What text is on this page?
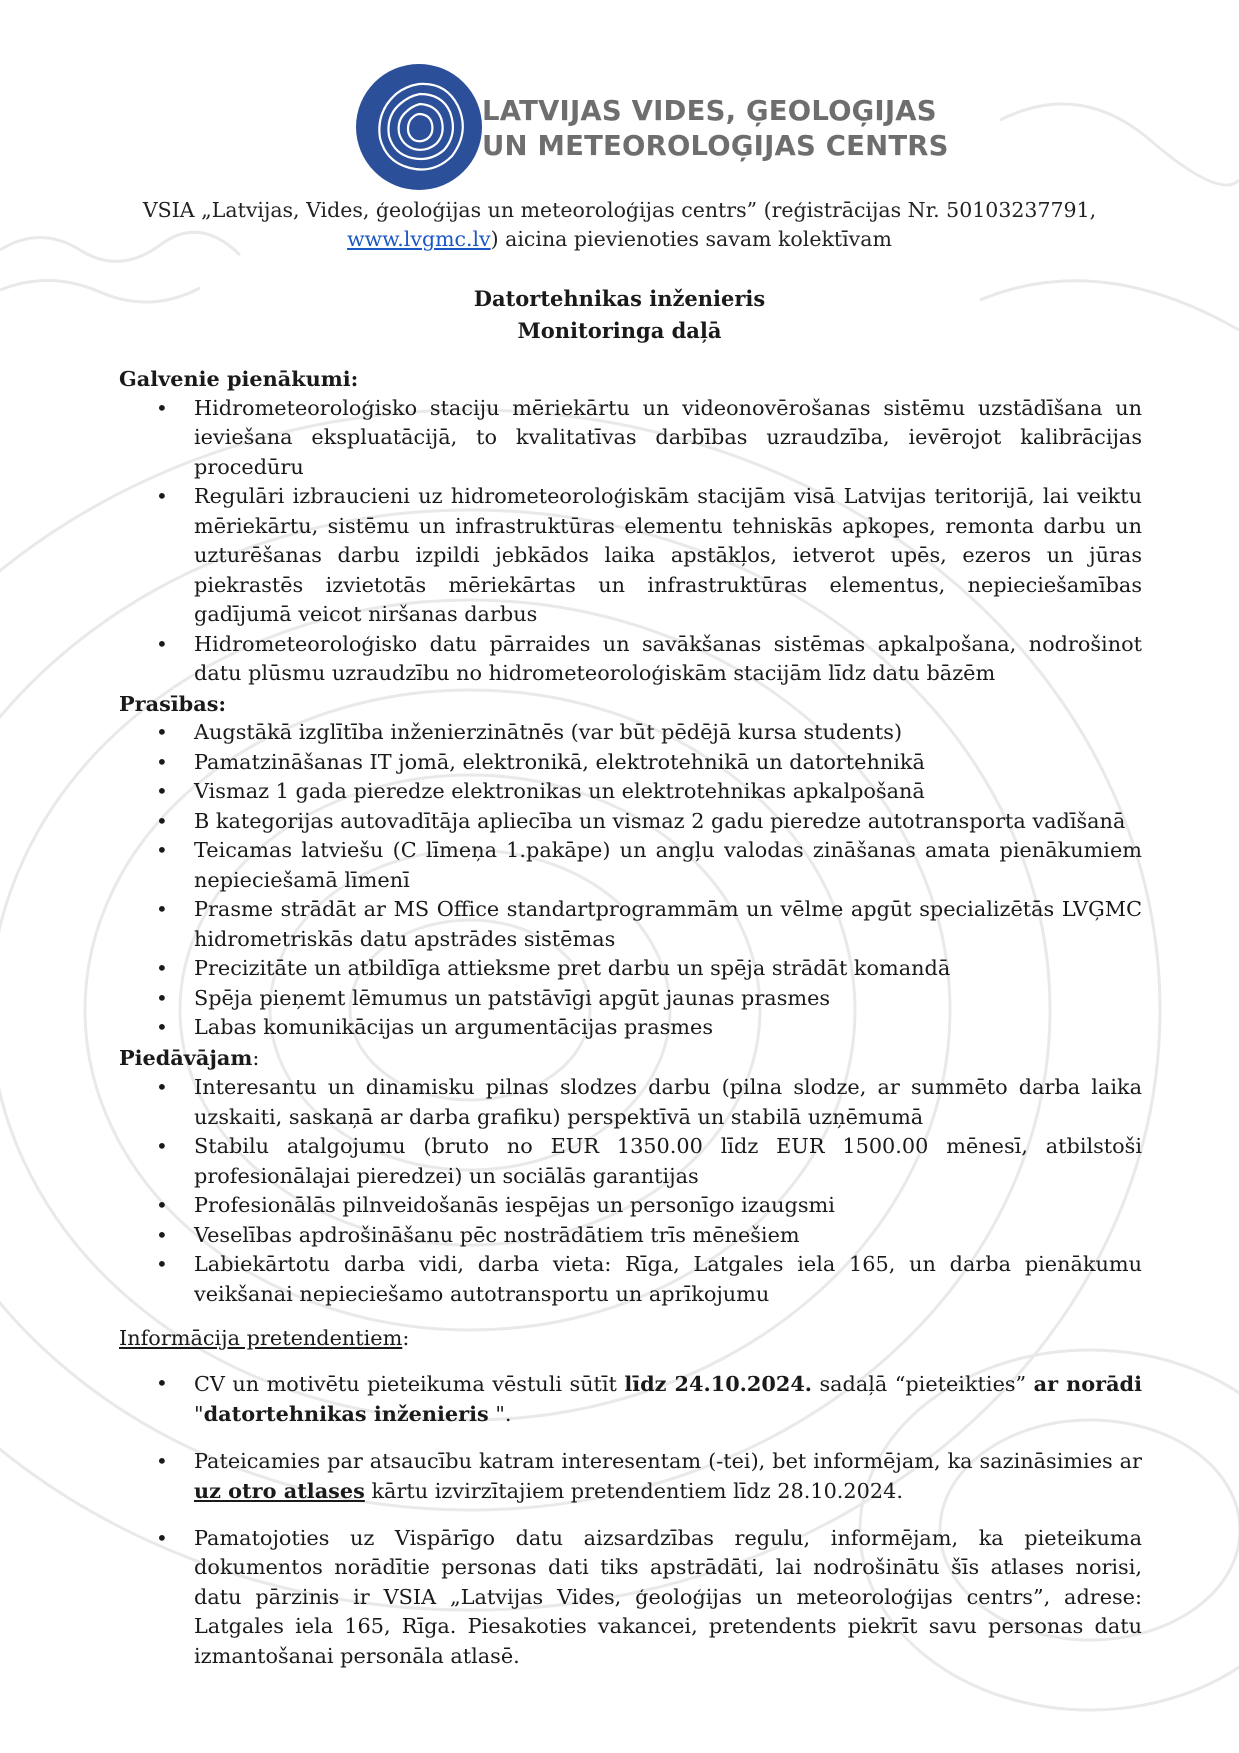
LATVIJAS VIDES, ĢEOLOĢIJAS
UN METEOROLOĢIJAS CENTRS
VSIA „Latvijas, Vides, ģeoloģijas un meteoroloģijas centrs” (reģistrācijas Nr. 50103237791,
www.lvgmc.lv) aicina pievienoties savam kolektīvam
Datortehnikas inženieris
Monitoringa daļā

Galvenie pienākumi:

• Hidrometeoroloģisko staciju mēriekārtu un videonovērošanas sistēmu uzstādīšana un ieviešana ekspluatācijā, to kvalitatīvas darbības uzraudzība, ievērojot kalibrācijas procedūru
• Regulāri izbraucieni uz hidrometeoroloģiskām stacijām visā Latvijas teritorijā, lai veiktu mēriekārtu, sistēmu un infrastruktūras elementu tehniskās apkopes, remonta darbu un uzturēšanas darbu izpildi jebkādos laika apstākļos, ietverot upēs, ezeros un jūras piekrastēs izvietotās mēriekārtas un infrastruktūras elementus, nepieciešamības gadījumā veicot niršanas darbus
• Hidrometeoroloģisko datu pārraides un savākšanas sistēmas apkalpošana, nodrošinot datu plūsmu uzraudzību no hidrometeoroloģiskām stacijām līdz datu bāzēm

Prasības:

• Augstākā izglītība inženierzinātnēs (var būt pēdējā kursa students)
• Pamatzināšanas IT jomā, elektronikā, elektrotehnikā un datortehnikā
• Vismaz 1 gada pieredze elektronikas un elektrotehnikas apkalpošanā
• B kategorijas autovadītāja apliecība un vismaz 2 gadu pieredze autotransporta vadīšanā
• Teicamas latviešu (C līmeņa 1.pakāpe) un angļu valodas zināšanas amata pienākumiem nepieciešamā līmenī
• Prasme strādāt ar MS Office standartprogrammām un vēlme apgūt specializētās LVĢMC hidrometriskās datu apstrādes sistēmas
• Precizitāte un atbildīga attieksme pret darbu un spēja strādāt komandā
• Spēja pieņemt lēmumus un patstāvīgi apgūt jaunas prasmes
• Labas komunikācijas un argumentācijas prasmes

Piedāvājam:

• Interesantu un dinamisku pilnas slodzes darbu (pilna slodze, ar summēto darba laika uzskaiti, saskaņā ar darba grafiku) perspektīvā un stabilā uzņēmumā
• Stabilu atalgojumu (bruto no EUR 1350.00 līdz EUR 1500.00 mēnesī, atbilstoši profesionālajai pieredzei) un sociālās garantijas
• Profesionālās pilnveidošanās iespējas un personīgo izaugsmi
• Veselības apdrošināšanu pēc nostrādātiem trīs mēnešiem
• Labiekārtotu darba vidi, darba vieta: Rīga, Latgales iela 165, un darba pienākumu veikšanai nepieciešamo autotransportu un aprīkojumu

Informācija pretendentiem:

• CV un motivētu pieteikuma vēstuli sūtīt līdz 24.10.2024. sadaļā “pieteikties” ar norādi "datortehnikas inženieris ".
• Pateicamies par atsaucību katram interesentam (-tei), bet informējam, ka sazināsimies ar uz otro atlases kārtu izvirzītajiem pretendentiem līdz 28.10.2024.
• Pamatojoties uz Vispārīgo datu aizsardzības regulu, informējam, ka pieteikuma dokumentos norādītie personas dati tiks apstrādāti, lai nodrošinātu šīs atlases norisi, datu pārzinis ir VSIA „Latvijas Vides, ģeoloģijas un meteoroloģijas centrs”, adrese: Latgales iela 165, Rīga. Piesakoties vakancei, pretendents piekrīt savu personas datu izmantošanai personāla atlasē.
